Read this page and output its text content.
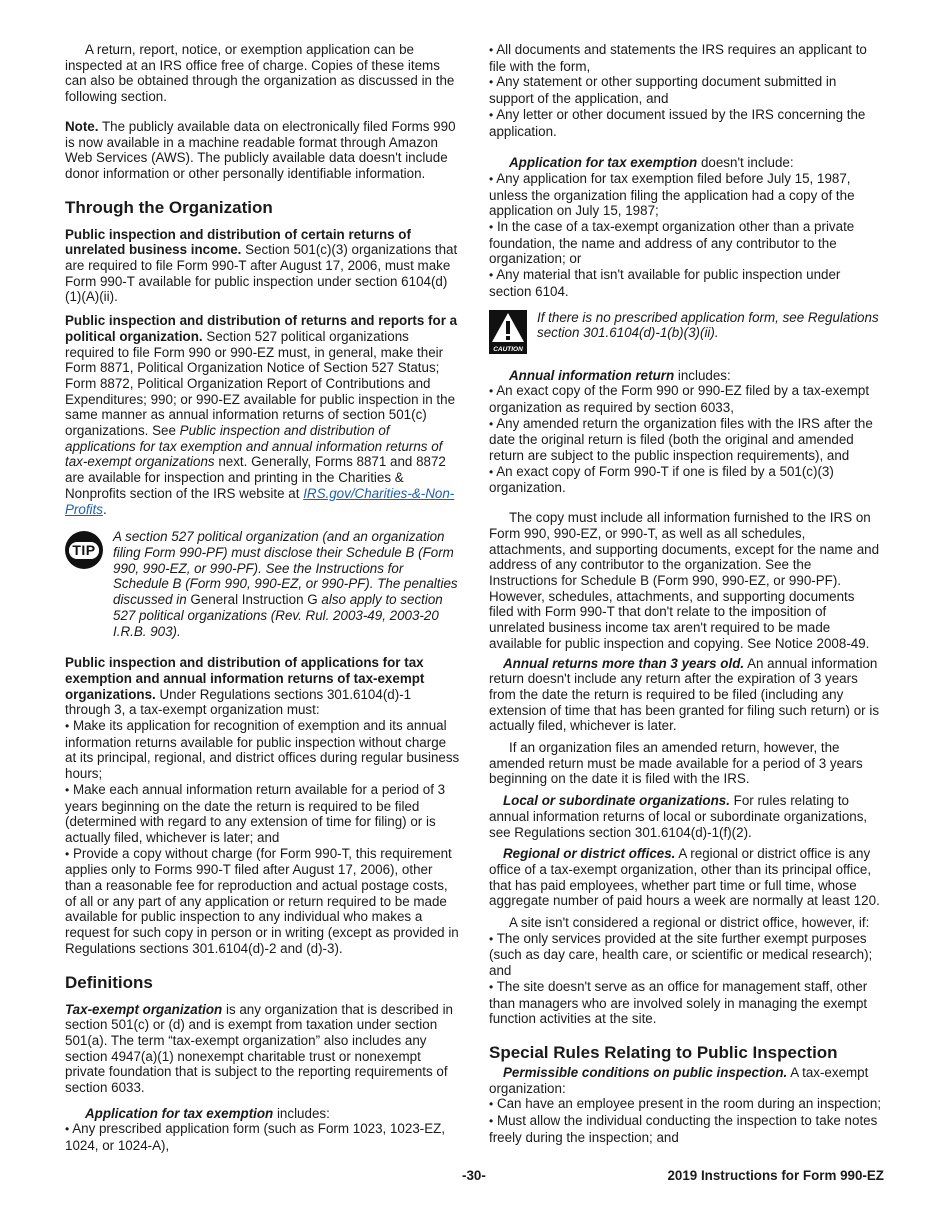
A return, report, notice, or exemption application can be inspected at an IRS office free of charge. Copies of these items can also be obtained through the organization as discussed in the following section.

Note. The publicly available data on electronically filed Forms 990 is now available in a machine readable format through Amazon Web Services (AWS). The publicly available data doesn't include donor information or other personally identifiable information.

Through the Organization

Public inspection and distribution of certain returns of unrelated business income. Section 501(c)(3) organizations that are required to file Form 990-T after August 17, 2006, must make Form 990-T available for public inspection under section 6104(d)(1)(A)(ii).

Public inspection and distribution of returns and reports for a political organization. Section 527 political organizations required to file Form 990 or 990-EZ must, in general, make their Form 8871, Political Organization Notice of Section 527 Status; Form 8872, Political Organization Report of Contributions and Expenditures; 990; or 990-EZ available for public inspection in the same manner as annual information returns of section 501(c) organizations. See Public inspection and distribution of applications for tax exemption and annual information returns of tax-exempt organizations next. Generally, Forms 8871 and 8872 are available for inspection and printing in the Charities & Nonprofits section of the IRS website at IRS.gov/Charities-&-Non-Profits.

TIP
A section 527 political organization (and an organization filing Form 990-PF) must disclose their Schedule B (Form 990, 990-EZ, or 990-PF). See the Instructions for Schedule B (Form 990, 990-EZ, or 990-PF). The penalties discussed in General Instruction G also apply to section 527 political organizations (Rev. Rul. 2003-49, 2003-20 I.R.B. 903).

Public inspection and distribution of applications for tax exemption and annual information returns of tax-exempt organizations. Under Regulations sections 301.6104(d)-1 through 3, a tax-exempt organization must:

• Make its application for recognition of exemption and its annual information returns available for public inspection without charge at its principal, regional, and district offices during regular business hours;

• Make each annual information return available for a period of 3 years beginning on the date the return is required to be filed (determined with regard to any extension of time for filing) or is actually filed, whichever is later; and

• Provide a copy without charge (for Form 990-T, this requirement applies only to Forms 990-T filed after August 17, 2006), other than a reasonable fee for reproduction and actual postage costs, of all or any part of any application or return required to be made available for public inspection to any individual who makes a request for such copy in person or in writing (except as provided in Regulations sections 301.6104(d)-2 and (d)-3).

Definitions

Tax-exempt organization is any organization that is described in section 501(c) or (d) and is exempt from taxation under section 501(a). The term “tax-exempt organization” also includes any section 4947(a)(1) nonexempt charitable trust or nonexempt private foundation that is subject to the reporting requirements of section 6033.

Application for tax exemption includes:

• Any prescribed application form (such as Form 1023, 1023-EZ, 1024, or 1024-A),

• All documents and statements the IRS requires an applicant to file with the form,

• Any statement or other supporting document submitted in support of the application, and

• Any letter or other document issued by the IRS concerning the application.

Application for tax exemption doesn't include:

• Any application for tax exemption filed before July 15, 1987, unless the organization filing the application had a copy of the application on July 15, 1987;

• In the case of a tax-exempt organization other than a private foundation, the name and address of any contributor to the organization; or

• Any material that isn't available for public inspection under section 6104.

CAUTION
If there is no prescribed application form, see Regulations section 301.6104(d)-1(b)(3)(ii).

Annual information return includes:

• An exact copy of the Form 990 or 990-EZ filed by a tax-exempt organization as required by section 6033,

• Any amended return the organization files with the IRS after the date the original return is filed (both the original and amended return are subject to the public inspection requirements), and

• An exact copy of Form 990-T if one is filed by a 501(c)(3) organization.

The copy must include all information furnished to the IRS on Form 990, 990-EZ, or 990-T, as well as all schedules, attachments, and supporting documents, except for the name and address of any contributor to the organization. See the Instructions for Schedule B (Form 990, 990-EZ, or 990-PF). However, schedules, attachments, and supporting documents filed with Form 990-T that don't relate to the imposition of unrelated business income tax aren't required to be made available for public inspection and copying. See Notice 2008-49.

Annual returns more than 3 years old. An annual information return doesn't include any return after the expiration of 3 years from the date the return is required to be filed (including any extension of time that has been granted for filing such return) or is actually filed, whichever is later.

If an organization files an amended return, however, the amended return must be made available for a period of 3 years beginning on the date it is filed with the IRS.

Local or subordinate organizations. For rules relating to annual information returns of local or subordinate organizations, see Regulations section 301.6104(d)-1(f)(2).

Regional or district offices. A regional or district office is any office of a tax-exempt organization, other than its principal office, that has paid employees, whether part time or full time, whose aggregate number of paid hours a week are normally at least 120.

A site isn't considered a regional or district office, however, if:

• The only services provided at the site further exempt purposes (such as day care, health care, or scientific or medical research); and

• The site doesn't serve as an office for management staff, other than managers who are involved solely in managing the exempt function activities at the site.

Special Rules Relating to Public Inspection

Permissible conditions on public inspection. A tax-exempt organization:

• Can have an employee present in the room during an inspection;

• Must allow the individual conducting the inspection to take notes freely during the inspection; and

-30-	2019 Instructions for Form 990-EZ
